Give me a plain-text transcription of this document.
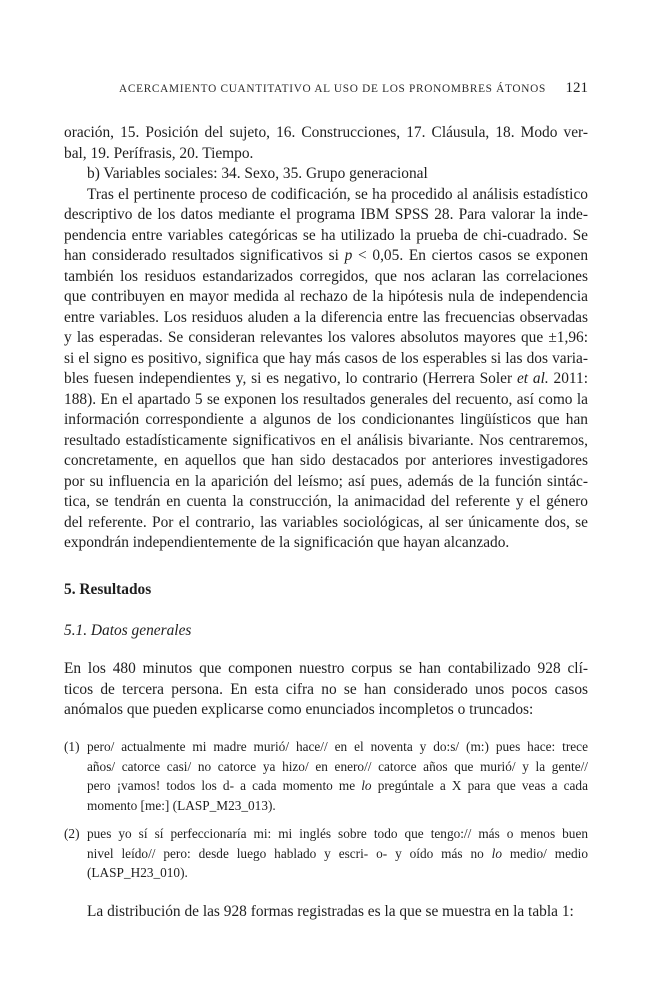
ACERCAMIENTO CUANTITATIVO AL USO DE LOS PRONOMBRES ÁTONOS 121
oración, 15. Posición del sujeto, 16. Construcciones, 17. Cláusula, 18. Modo ver-
bal, 19. Perífrasis, 20. Tiempo.
b) Variables sociales: 34. Sexo, 35. Grupo generacional
Tras el pertinente proceso de codificación, se ha procedido al análisis estadístico
descriptivo de los datos mediante el programa IBM SPSS 28. Para valorar la inde-
pendencia entre variables categóricas se ha utilizado la prueba de chi-cuadrado. Se
han considerado resultados significativos si p < 0,05. En ciertos casos se exponen
también los residuos estandarizados corregidos, que nos aclaran las correlaciones
que contribuyen en mayor medida al rechazo de la hipótesis nula de independencia
entre variables. Los residuos aluden a la diferencia entre las frecuencias observadas
y las esperadas. Se consideran relevantes los valores absolutos mayores que ±1,96:
si el signo es positivo, significa que hay más casos de los esperables si las dos varia-
bles fuesen independientes y, si es negativo, lo contrario (Herrera Soler et al. 2011:
188). En el apartado 5 se exponen los resultados generales del recuento, así como la
información correspondiente a algunos de los condicionantes lingüísticos que han
resultado estadísticamente significativos en el análisis bivariante. Nos centraremos,
concretamente, en aquellos que han sido destacados por anteriores investigadores
por su influencia en la aparición del leísmo; así pues, además de la función sintác-
tica, se tendrán en cuenta la construcción, la animacidad del referente y el género
del referente. Por el contrario, las variables sociológicas, al ser únicamente dos, se
expondrán independientemente de la significación que hayan alcanzado.
5. Resultados
5.1. Datos generales
En los 480 minutos que componen nuestro corpus se han contabilizado 928 clí-
ticos de tercera persona. En esta cifra no se han considerado unos pocos casos
anómalos que pueden explicarse como enunciados incompletos o truncados:
(1) pero/ actualmente mi madre murió/ hace// en el noventa y do:s/ (m:) pues hace: trece
años/ catorce casi/ no catorce ya hizo/ en enero// catorce años que murió/ y la gente//
pero ¡vamos! todos los d- a cada momento me lo pregúntale a X para que veas a cada
momento [me:] (LASP_M23_013).
(2) pues yo sí sí perfeccionaría mi: mi inglés sobre todo que tengo:// más o menos buen
nivel leído// pero: desde luego hablado y escri- o- y oído más no lo medio/ medio
(LASP_H23_010).
La distribución de las 928 formas registradas es la que se muestra en la tabla 1:
